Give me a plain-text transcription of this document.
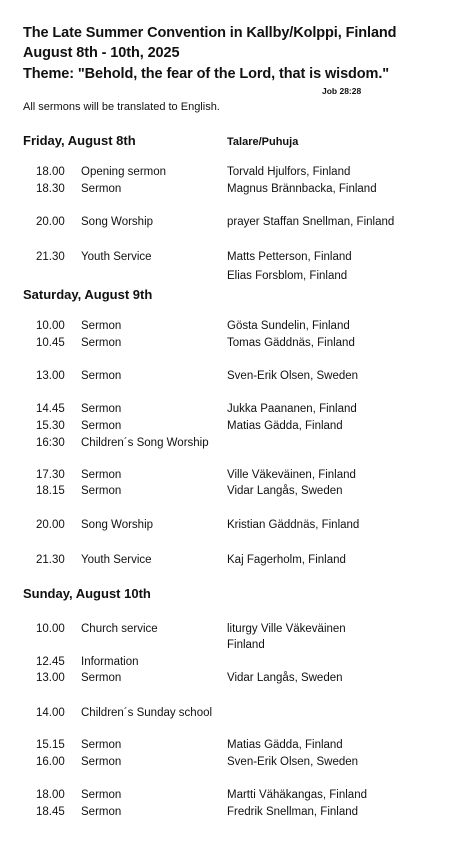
The Late Summer Convention in Kallby/Kolppi, Finland
August 8th - 10th, 2025
Theme: "Behold, the fear of the Lord, that is wisdom."
Job 28:28
All sermons will be translated to English.
Talare/Puhuja
Friday, August 8th
18.00 Opening sermon	Torvald Hjulfors, Finland
18.30 Sermon	Magnus Brännbacka, Finland
20.00 Song Worship	prayer Staffan Snellman, Finland
21.30 Youth Service	Matts Petterson, Finland
Elias Forsblom, Finland
Saturday, August 9th
10.00 Sermon	Gösta Sundelin, Finland
10.45 Sermon	Tomas Gäddnäs, Finland
13.00 Sermon	Sven-Erik Olsen, Sweden
14.45 Sermon	Jukka Paananen, Finland
15.30 Sermon	Matias Gädda, Finland
16:30 Children´s Song Worship
17.30 Sermon	Ville Väkeväinen, Finland
18.15 Sermon	Vidar Langås, Sweden
20.00 Song Worship	Kristian Gäddnäs, Finland
21.30 Youth Service	Kaj Fagerholm, Finland
Sunday, August 10th
10.00 Church service	liturgy Ville Väkeväinen
Finland
12.45 Information
13.00 Sermon	Vidar Langås, Sweden
14.00 Children´s Sunday school
15.15 Sermon	Matias Gädda, Finland
16.00 Sermon	Sven-Erik Olsen, Sweden
18.00 Sermon	Martti Vähäkangas, Finland
18.45 Sermon	Fredrik Snellman, Finland
